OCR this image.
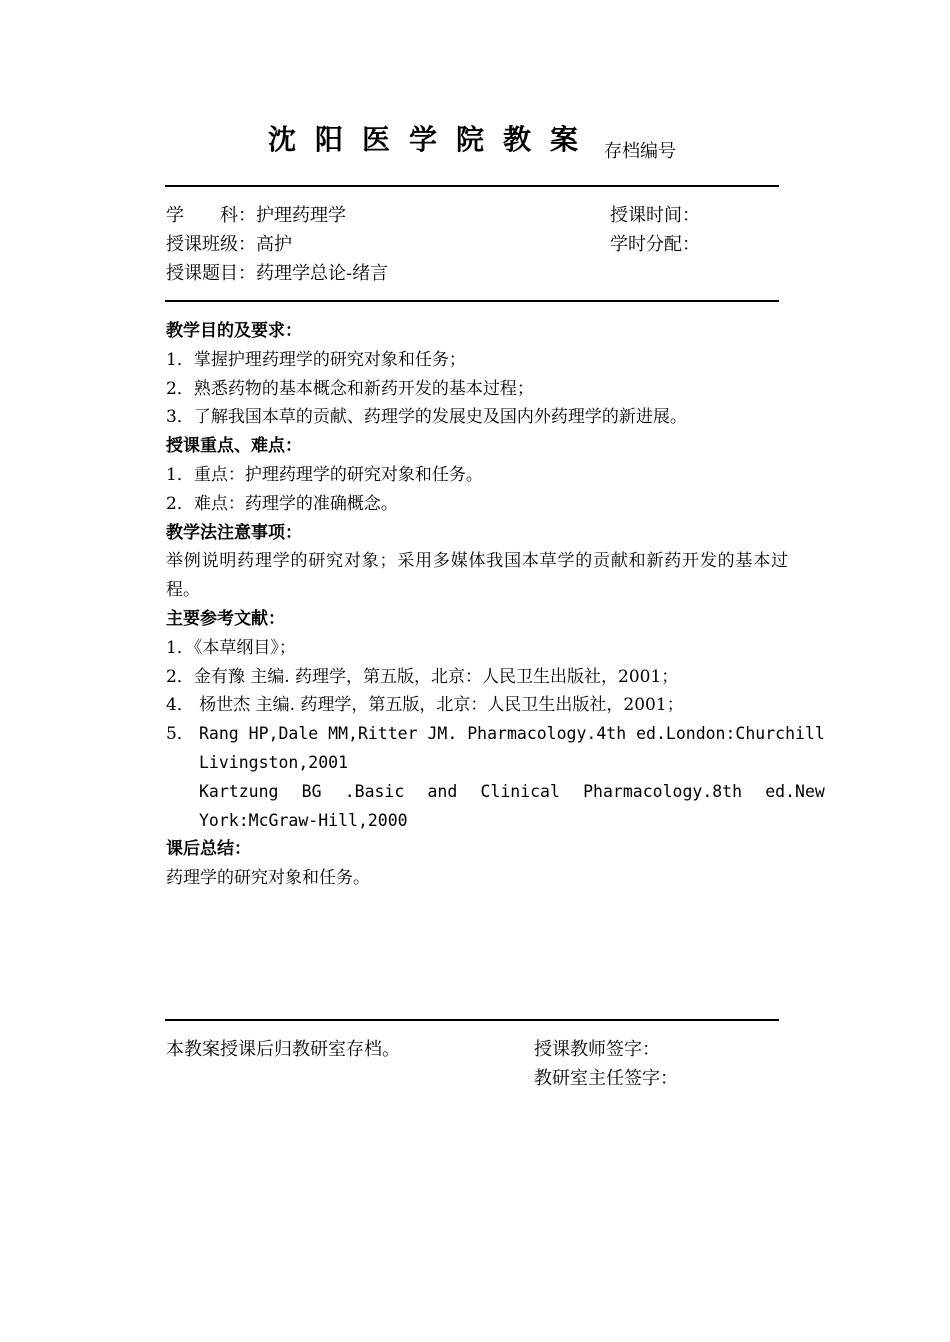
沈阳医学院教案 存档编号
学　　科：护理药理学
授课班级：高护
授课题目：药理学总论-绪言
授课时间：
学时分配：
教学目的及要求：
1．掌握护理药理学的研究对象和任务；
2．熟悉药物的基本概念和新药开发的基本过程；
3．了解我国本草的贡献、药理学的发展史及国内外药理学的新进展。
授课重点、难点：
1．重点：护理药理学的研究对象和任务。
2．难点：药理学的准确概念。
教学法注意事项：
举例说明药理学的研究对象；采用多媒体我国本草学的贡献和新药开发的基本过程。
主要参考文献：
1．《本草纲目》；
2．金有豫 主编. 药理学，第五版，北京：人民卫生出版社，2001；
4． 杨世杰 主编. 药理学，第五版，北京：人民卫生出版社，2001；
5． Rang HP,Dale MM,Ritter JM. Pharmacology.4th ed.London:Churchill
Livingston,2001
Kartzung BG .Basic and Clinical Pharmacology.8th ed.New
York:McGraw-Hill,2000
课后总结：
药理学的研究对象和任务。
本教案授课后归教研室存档。	授课教师签字：
教研室主任签字：
